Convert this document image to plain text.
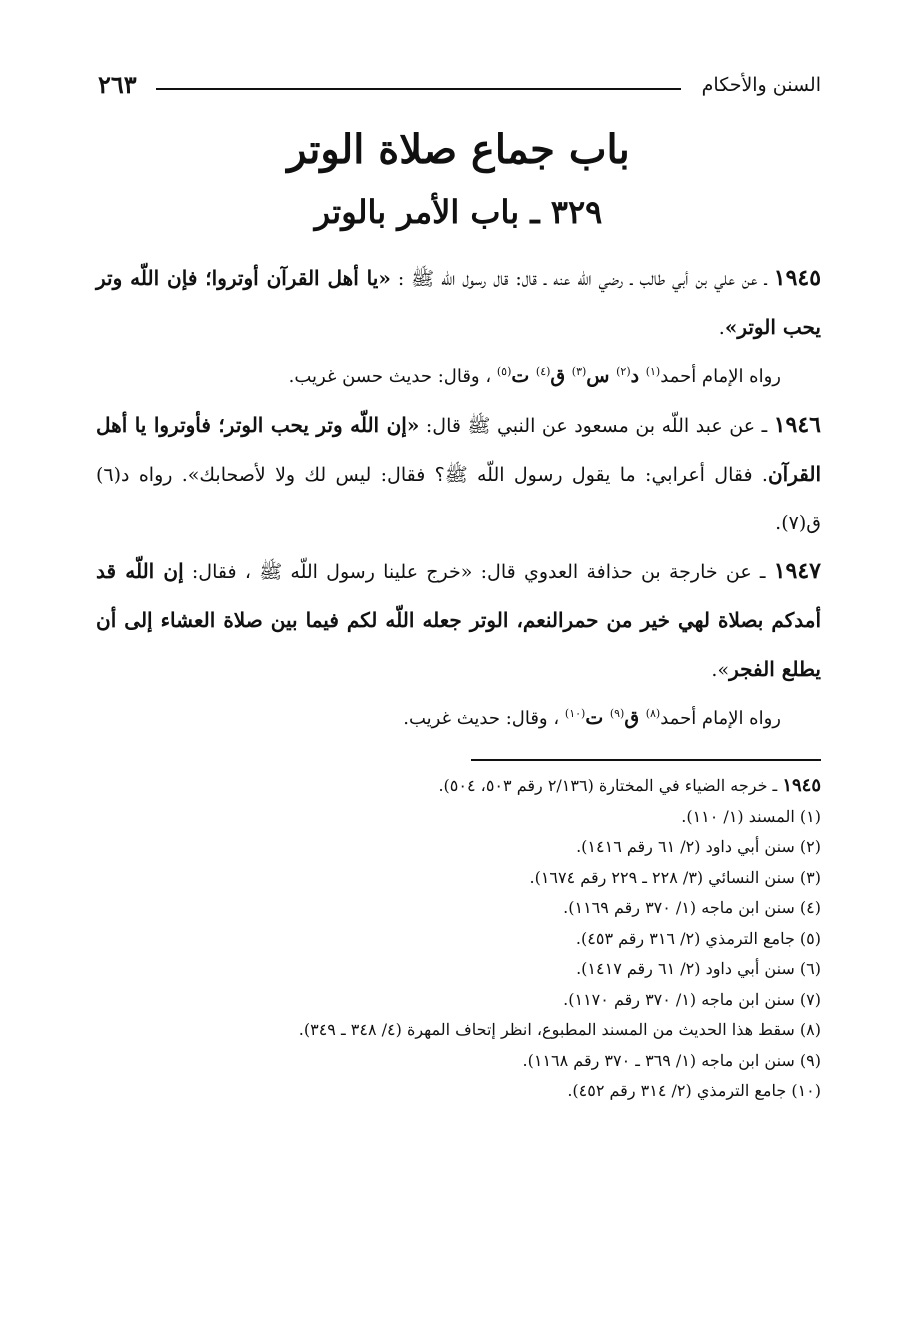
السنن والأحكام
٢٦٣
باب جماع صلاة الوتر
٣٢٩ ـ باب الأمر بالوتر

١٩٤٥ ـ عن علي بن أبي طالب ـ رضي اللّه عنه ـ قال: قال رسول اللّه ﷺ : «يا أهل القرآن أوتروا؛ فإن اللّه وتر يحب الوتر».

رواه الإمام أحمد$^{(١)}$ د$^{(٢)}$ س$^{(٣)}$ ق$^{(٤)}$ ت$^{(٥)}$ ، وقال: حديث حسن غريب.

١٩٤٦ ـ عن عبد اللّه بن مسعود عن النبي ﷺ قال: «إن اللّه وتر يحب الوتر؛ فأوتروا يا أهل القرآن. فقال أعرابي: ما يقول رسول اللّه ﷺ؟ فقال: ليس لك ولا لأصحابك». رواه د(٦) ق(٧).

١٩٤٧ ـ عن خارجة بن حذافة العدوي قال: «خرج علينا رسول اللّه ﷺ ، فقال: إن اللّه قد أمدكم بصلاة لهي خير من حمرالنعم، الوتر جعله اللّه لكم فيما بين صلاة العشاء إلى أن يطلع الفجر».

رواه الإمام أحمد$^{(٨)}$ ق$^{(٩)}$ ت$^{(١٠)}$ ، وقال: حديث غريب.

١٩٤٥ ـ خرجه الضياء في المختارة (٢/١٣٦ رقم ٥٠٣، ٥٠٤).

(١) المسند (١/ ١١٠).

(٢) سنن أبي داود (٢/ ٦١ رقم ١٤١٦).

(٣) سنن النسائي (٣/ ٢٢٨ ـ ٢٢٩ رقم ١٦٧٤).

(٤) سنن ابن ماجه (١/ ٣٧٠ رقم ١١٦٩).

(٥) جامع الترمذي (٢/ ٣١٦ رقم ٤٥٣).

(٦) سنن أبي داود (٢/ ٦١ رقم ١٤١٧).

(٧) سنن ابن ماجه (١/ ٣٧٠ رقم ١١٧٠).

(٨) سقط هذا الحديث من المسند المطبوع، انظر إتحاف المهرة (٤/ ٣٤٨ ـ ٣٤٩).

(٩) سنن ابن ماجه (١/ ٣٦٩ ـ ٣٧٠ رقم ١١٦٨).

(١٠) جامع الترمذي (٢/ ٣١٤ رقم ٤٥٢).
